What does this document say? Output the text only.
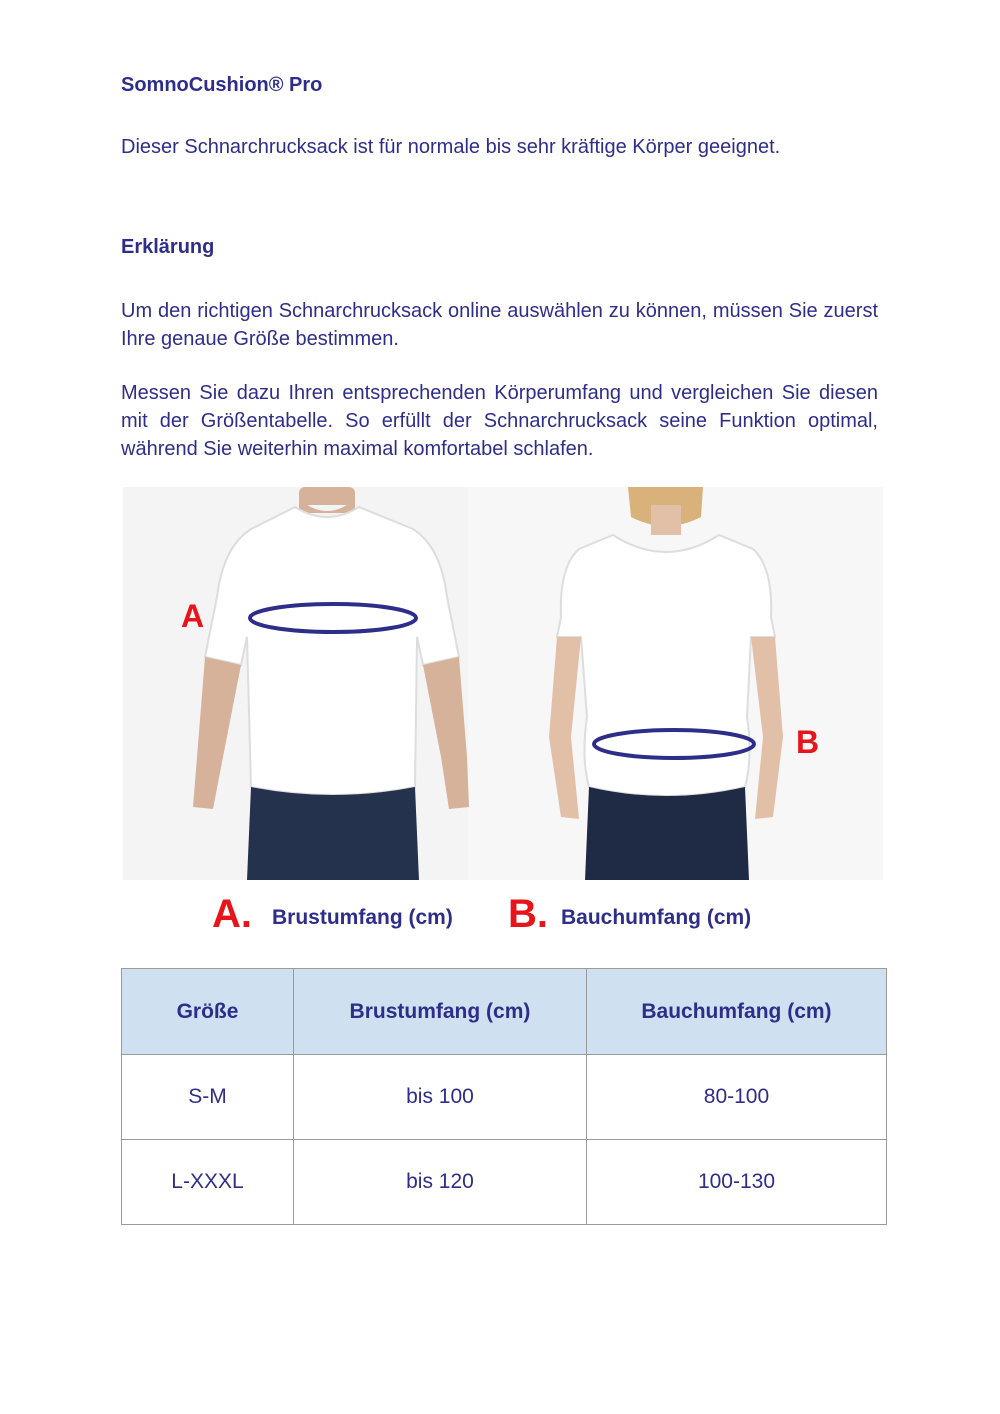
SomnoCushion® Pro
Dieser Schnarchrucksack ist für normale bis sehr kräftige Körper geeignet.
Erklärung
Um den richtigen Schnarchrucksack online auswählen zu können, müssen Sie zuerst Ihre genaue Größe bestimmen.
Messen Sie dazu Ihren entsprechenden Körperumfang und vergleichen Sie diesen mit der Größentabelle. So erfüllt der Schnarchrucksack seine Funktion optimal, während Sie weiterhin maximal komfortabel schlafen.
A
B
A. Brustumfang (cm) B. Bauchumfang (cm)
Größe	Brustumfang (cm)	Bauchumfang (cm)
S-M	bis 100	80-100
L-XXXL	bis 120	100-130
